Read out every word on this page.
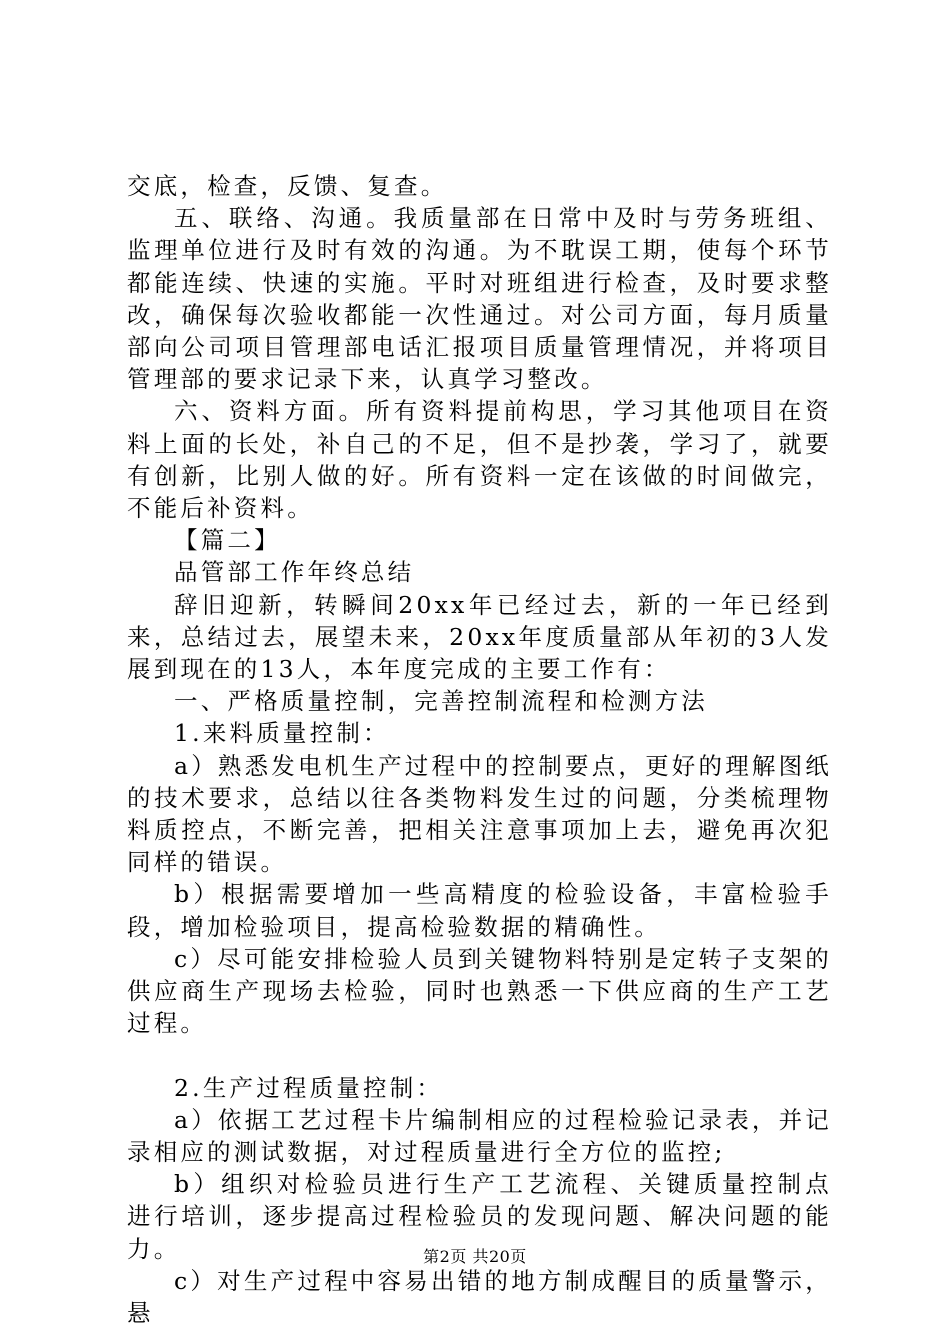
交底，检查，反馈、复查。

五、联络、沟通。我质量部在日常中及时与劳务班组、监理单位进行及时有效的沟通。为不耽误工期，使每个环节都能连续、快速的实施。平时对班组进行检查，及时要求整改，确保每次验收都能一次性通过。对公司方面，每月质量部向公司项目管理部电话汇报项目质量管理情况，并将项目管理部的要求记录下来，认真学习整改。

六、资料方面。所有资料提前构思，学习其他项目在资料上面的长处，补自己的不足，但不是抄袭，学习了，就要有创新，比别人做的好。所有资料一定在该做的时间做完，不能后补资料。

【篇二】

品管部工作年终总结

辞旧迎新，转瞬间20xx年已经过去，新的一年已经到来，总结过去，展望未来，20xx年度质量部从年初的3人发展到现在的13人，本年度完成的主要工作有：

一、严格质量控制，完善控制流程和检测方法

1.来料质量控制：

a）熟悉发电机生产过程中的控制要点，更好的理解图纸的技术要求，总结以往各类物料发生过的问题，分类梳理物料质控点，不断完善，把相关注意事项加上去，避免再次犯同样的错误。

b）根据需要增加一些高精度的检验设备，丰富检验手段，增加检验项目，提高检验数据的精确性。

c）尽可能安排检验人员到关键物料特别是定转子支架的供应商生产现场去检验，同时也熟悉一下供应商的生产工艺过程。

2.生产过程质量控制：

a）依据工艺过程卡片编制相应的过程检验记录表，并记录相应的测试数据，对过程质量进行全方位的监控;

b）组织对检验员进行生产工艺流程、关键质量控制点进行培训，逐步提高过程检验员的发现问题、解决问题的能力。

c）对生产过程中容易出错的地方制成醒目的质量警示，悬

第2页 共20页
